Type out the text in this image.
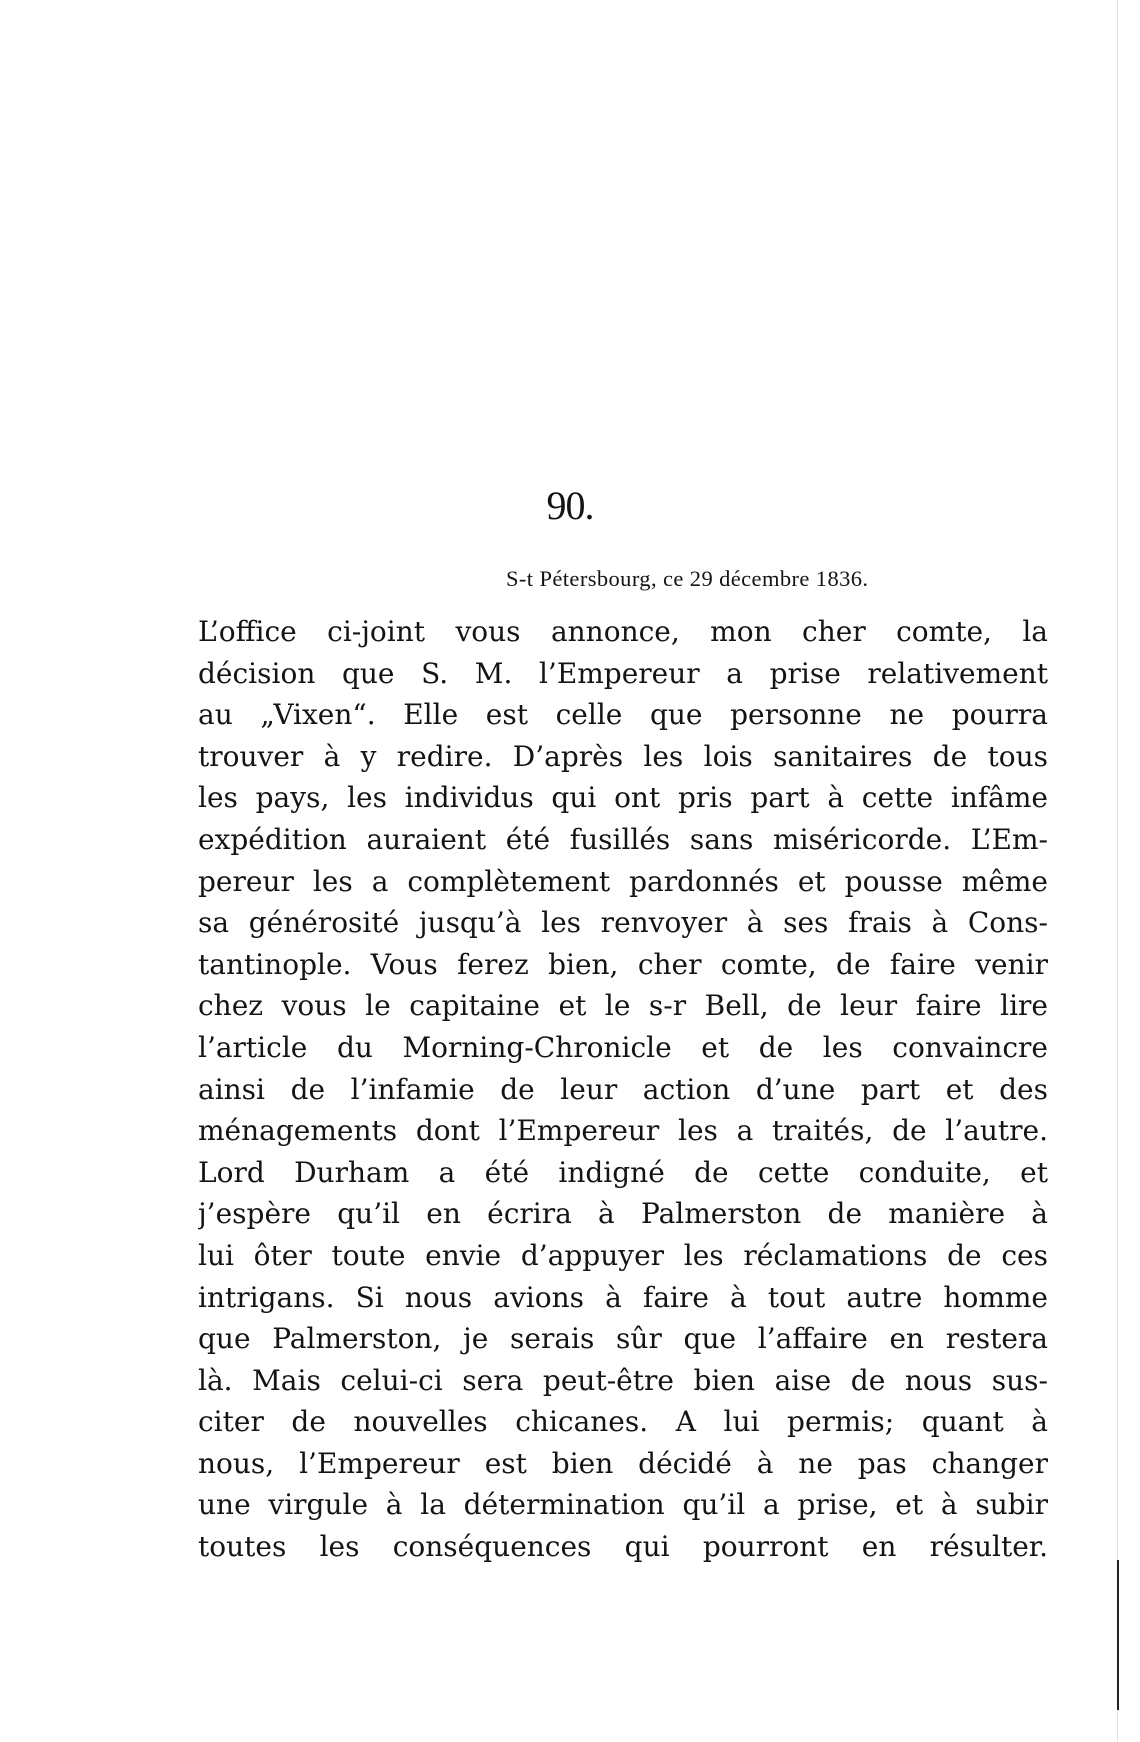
90.
S-t Pétersbourg, ce 29 décembre 1836.
L’office ci-joint vous annonce, mon cher comte, la
décision que S. M. l’Empereur a prise relativement
au „Vixen“. Elle est celle que personne ne pourra
trouver à y redire. D’après les lois sanitaires de tous
les pays, les individus qui ont pris part à cette infâme
expédition auraient été fusillés sans miséricorde. L’Em-
pereur les a complètement pardonnés et pousse même
sa générosité jusqu’à les renvoyer à ses frais à Cons-
tantinople. Vous ferez bien, cher comte, de faire venir
chez vous le capitaine et le s-r Bell, de leur faire lire
l’article du Morning-Chronicle et de les convaincre
ainsi de l’infamie de leur action d’une part et des
ménagements dont l’Empereur les a traités, de l’autre.
Lord Durham a été indigné de cette conduite, et
j’espère qu’il en écrira à Palmerston de manière à
lui ôter toute envie d’appuyer les réclamations de ces
intrigans. Si nous avions à faire à tout autre homme
que Palmerston, je serais sûr que l’affaire en restera
là. Mais celui-ci sera peut-être bien aise de nous sus-
citer de nouvelles chicanes. A lui permis; quant à
nous, l’Empereur est bien décidé à ne pas changer
une virgule à la détermination qu’il a prise, et à subir
toutes les conséquences qui pourront en résulter.
